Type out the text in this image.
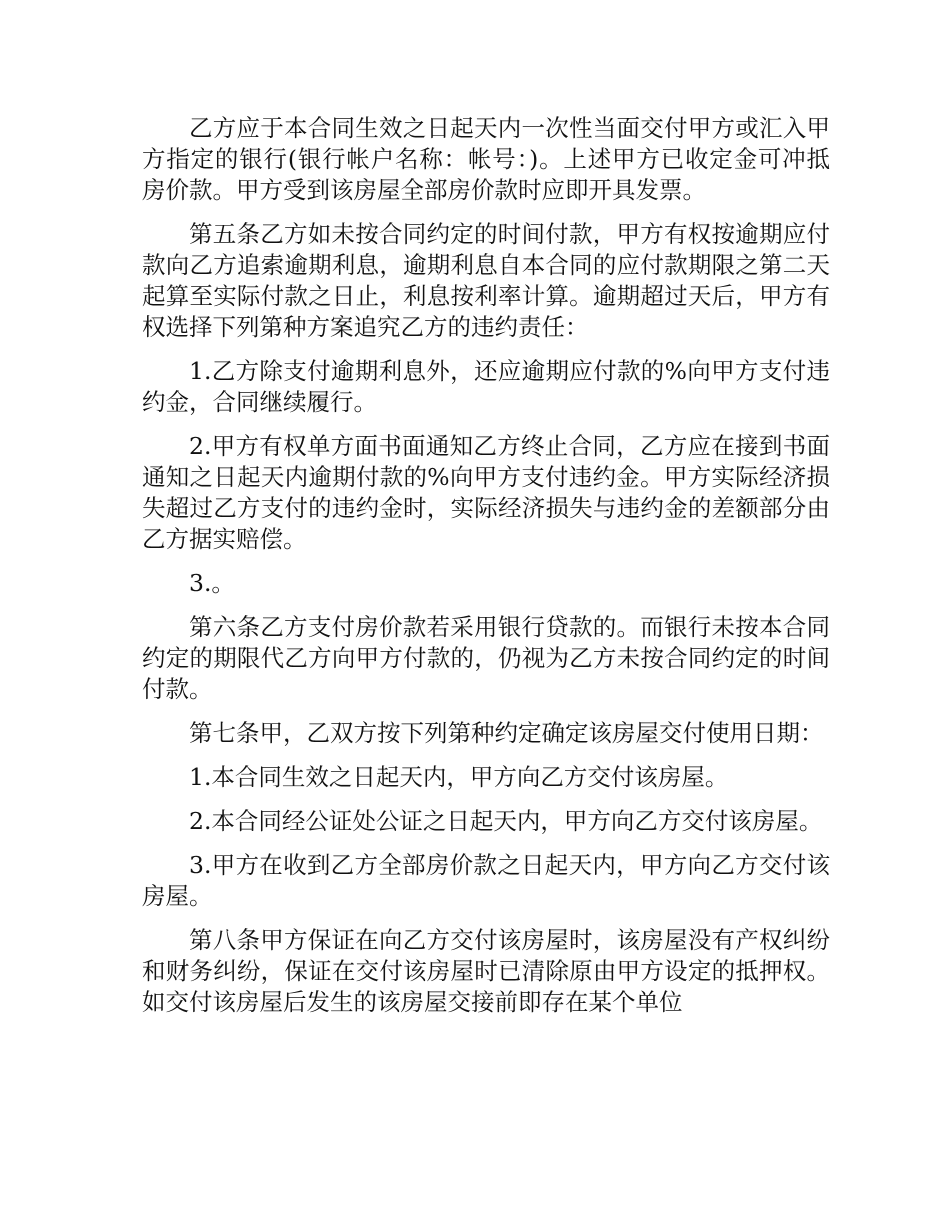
乙方应于本合同生效之日起天内一次性当面交付甲方或汇入甲方指定的银行(银行帐户名称：帐号：)。上述甲方已收定金可冲抵房价款。甲方受到该房屋全部房价款时应即开具发票。

第五条乙方如未按合同约定的时间付款，甲方有权按逾期应付款向乙方追索逾期利息，逾期利息自本合同的应付款期限之第二天起算至实际付款之日止，利息按利率计算。逾期超过天后，甲方有权选择下列第种方案追究乙方的违约责任：

1.乙方除支付逾期利息外，还应逾期应付款的%向甲方支付违约金，合同继续履行。

2.甲方有权单方面书面通知乙方终止合同，乙方应在接到书面通知之日起天内逾期付款的%向甲方支付违约金。甲方实际经济损失超过乙方支付的违约金时，实际经济损失与违约金的差额部分由乙方据实赔偿。

3.。

第六条乙方支付房价款若采用银行贷款的。而银行未按本合同约定的期限代乙方向甲方付款的，仍视为乙方未按合同约定的时间付款。

第七条甲，乙双方按下列第种约定确定该房屋交付使用日期：

1.本合同生效之日起天内，甲方向乙方交付该房屋。

2.本合同经公证处公证之日起天内，甲方向乙方交付该房屋。

3.甲方在收到乙方全部房价款之日起天内，甲方向乙方交付该房屋。

第八条甲方保证在向乙方交付该房屋时，该房屋没有产权纠纷和财务纠纷，保证在交付该房屋时已清除原由甲方设定的抵押权。如交付该房屋后发生的该房屋交接前即存在某个单位
